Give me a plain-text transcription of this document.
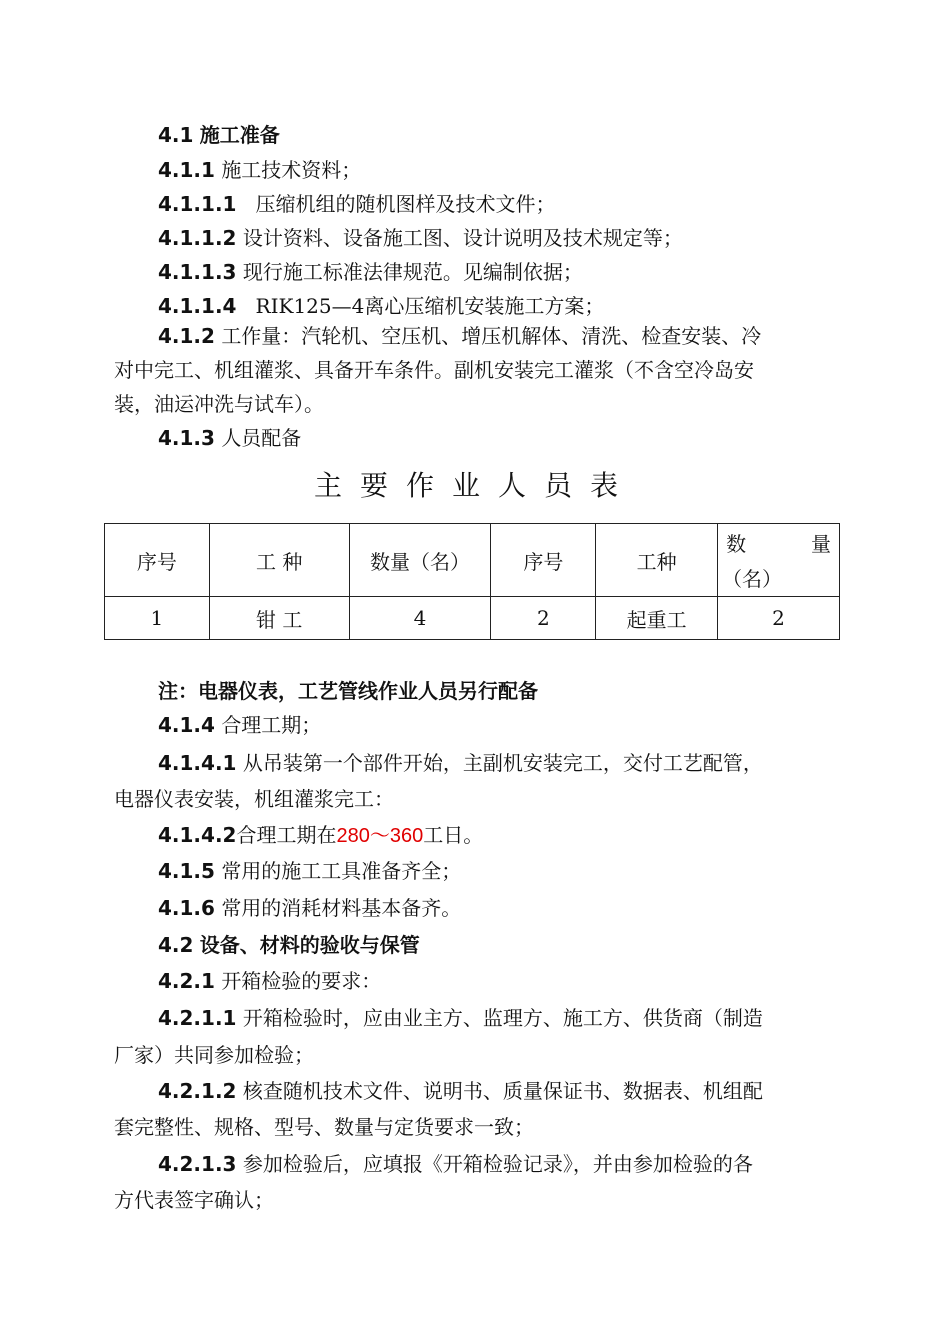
4.1 施工准备
4.1.1 施工技术资料；
4.1.1.1 压缩机组的随机图样及技术文件；
4.1.1.2 设计资料、设备施工图、设计说明及技术规定等；
4.1.1.3 现行施工标准法律规范。见编制依据；
4.1.1.4 RIK125—4离心压缩机安装施工方案；
4.1.2 工作量：汽轮机、空压机、增压机解体、清洗、检查安装、冷
对中完工、机组灌浆、具备开车条件。副机安装完工灌浆（不含空冷岛安
装，油运冲洗与试车）。
4.1.3 人员配备
主要作业人员表
序号	工 种	数量（名）	序号	工种	数 量
（名）

1	钳 工	4	2	起重工	2
注：电器仪表，工艺管线作业人员另行配备
4.1.4 合理工期；
4.1.4.1 从吊装第一个部件开始，主副机安装完工，交付工艺配管，
电器仪表安装，机组灌浆完工：
4.1.4.2合理工期在280～360工日。
4.1.5 常用的施工工具准备齐全；
4.1.6 常用的消耗材料基本备齐。
4.2 设备、材料的验收与保管
4.2.1 开箱检验的要求：
4.2.1.1 开箱检验时，应由业主方、监理方、施工方、供货商（制造
厂家）共同参加检验；
4.2.1.2 核查随机技术文件、说明书、质量保证书、数据表、机组配
套完整性、规格、型号、数量与定货要求一致；
4.2.1.3 参加检验后，应填报《开箱检验记录》，并由参加检验的各
方代表签字确认；
